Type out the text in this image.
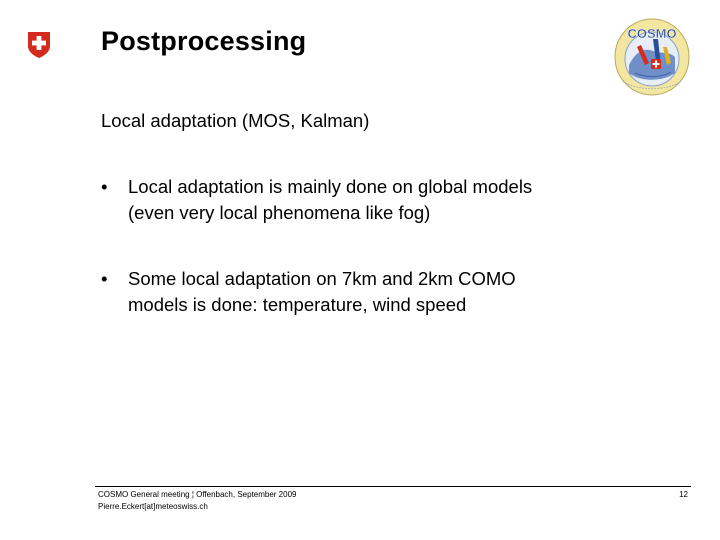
Postprocessing	COSMO
Local adaptation (MOS, Kalman)
•	Local adaptation is mainly done on global models
(even very local phenomena like fog)
•	Some local adaptation on 7km and 2km COMO
models is done: temperature, wind speed
COSMO General meeting ¦ Offenbach, September 2009
Pierre.Eckert[at]meteoswiss.ch
12
